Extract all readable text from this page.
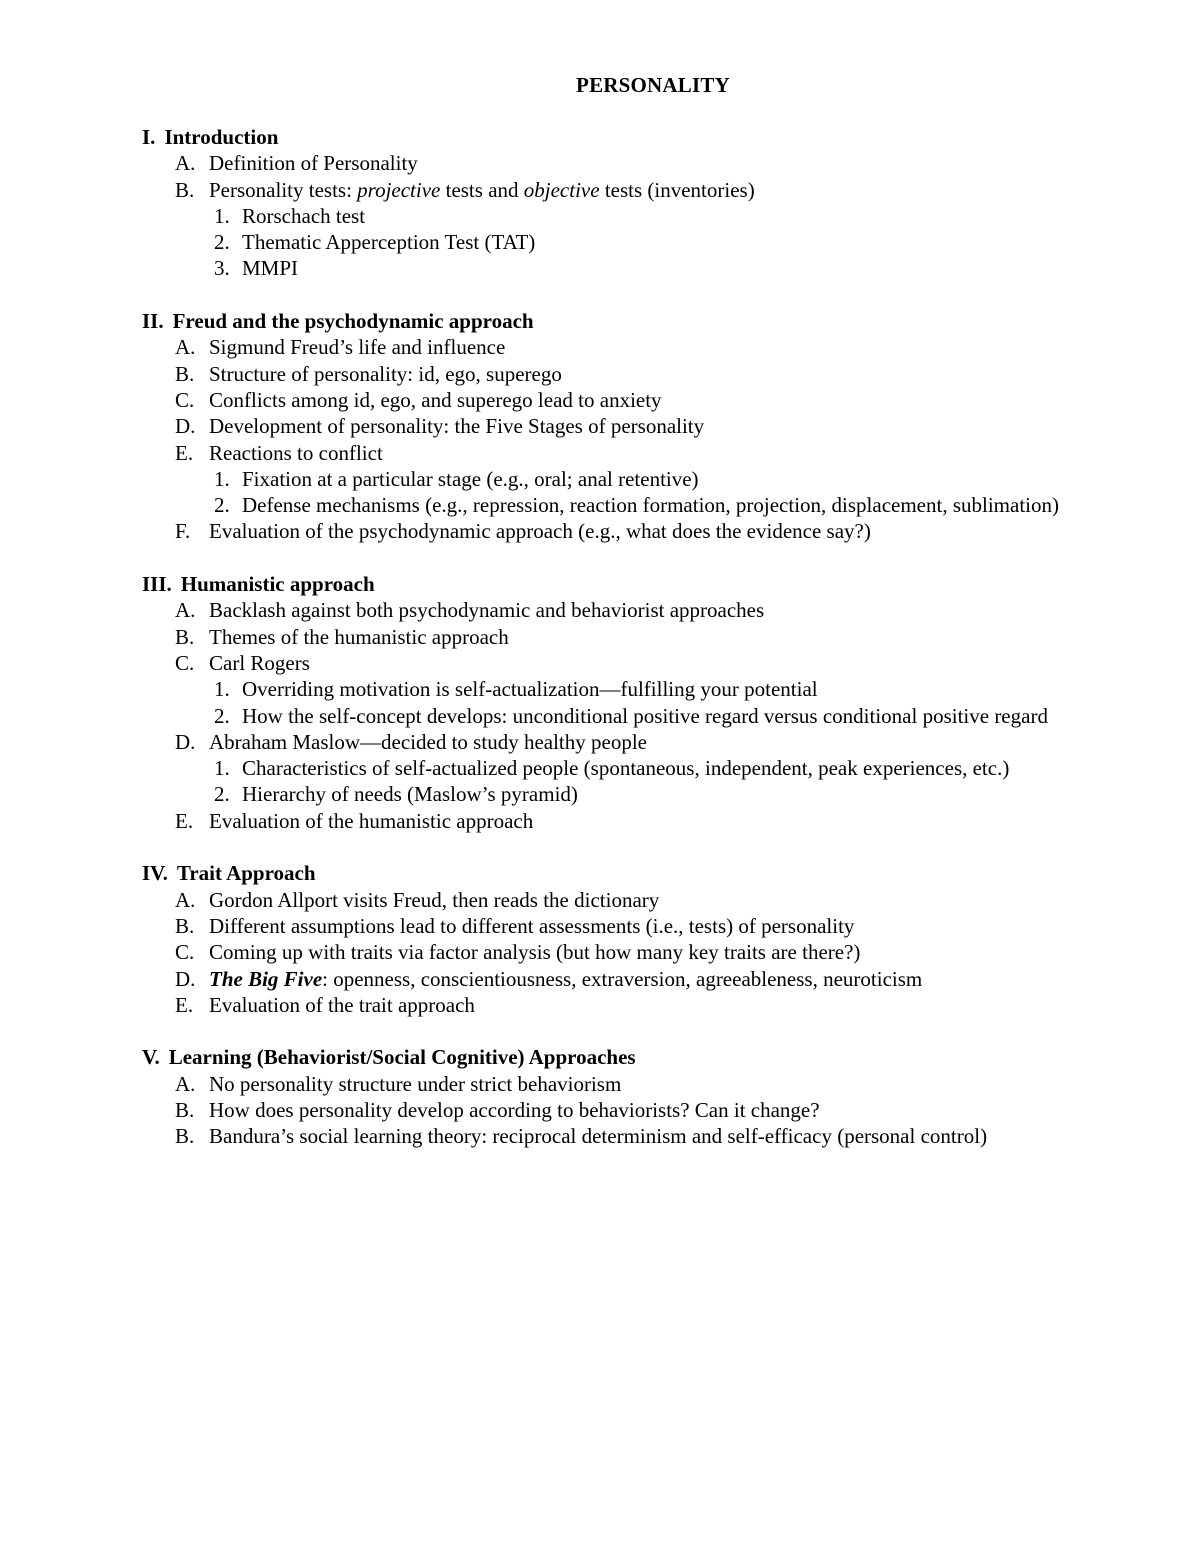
PERSONALITY
I. Introduction
A. Definition of Personality
B. Personality tests: projective tests and objective tests (inventories)
1. Rorschach test
2. Thematic Apperception Test (TAT)
3. MMPI
II. Freud and the psychodynamic approach
A. Sigmund Freud’s life and influence
B. Structure of personality: id, ego, superego
C. Conflicts among id, ego, and superego lead to anxiety
D. Development of personality: the Five Stages of personality
E. Reactions to conflict
1. Fixation at a particular stage (e.g., oral; anal retentive)
2. Defense mechanisms (e.g., repression, reaction formation, projection, displacement, sublimation)
F. Evaluation of the psychodynamic approach (e.g., what does the evidence say?)
III. Humanistic approach
A. Backlash against both psychodynamic and behaviorist approaches
B. Themes of the humanistic approach
C. Carl Rogers
1. Overriding motivation is self-actualization—fulfilling your potential
2. How the self-concept develops: unconditional positive regard versus conditional positive regard
D. Abraham Maslow—decided to study healthy people
1. Characteristics of self-actualized people (spontaneous, independent, peak experiences, etc.)
2. Hierarchy of needs (Maslow’s pyramid)
E. Evaluation of the humanistic approach
IV. Trait Approach
A. Gordon Allport visits Freud, then reads the dictionary
B. Different assumptions lead to different assessments (i.e., tests) of personality
C. Coming up with traits via factor analysis (but how many key traits are there?)
D. The Big Five: openness, conscientiousness, extraversion, agreeableness, neuroticism
E. Evaluation of the trait approach
V. Learning (Behaviorist/Social Cognitive) Approaches
A. No personality structure under strict behaviorism
B. How does personality develop according to behaviorists? Can it change?
B. Bandura’s social learning theory: reciprocal determinism and self-efficacy (personal control)
